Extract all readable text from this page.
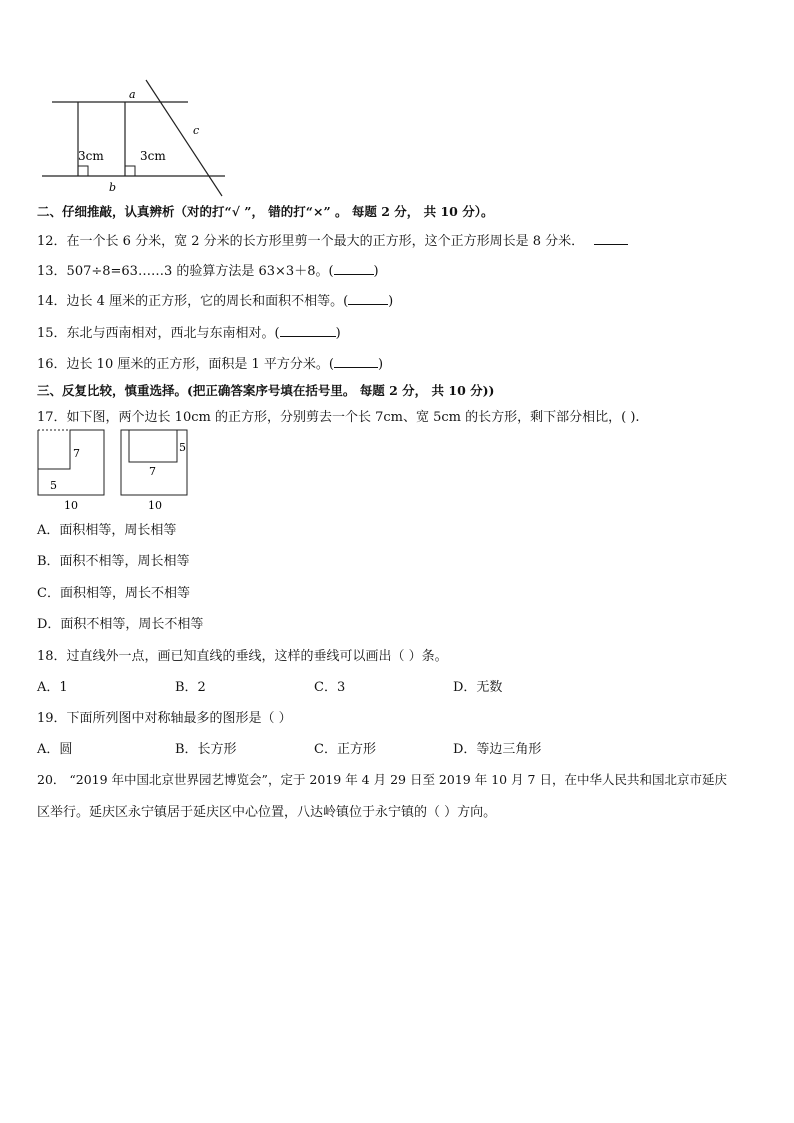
a
b
c
3cm	3cm
二、仔细推敲，认真辨析（对的打“√ ”， 错的打“×” 。 每题 2 分， 共 10 分）。
12．在一个长 6 分米，宽 2 分米的长方形里剪一个最大的正方形，这个正方形周长是 8 分米．
13．507÷8=63……3 的验算方法是 63×3＋8。(	)
14．边长 4 厘米的正方形，它的周长和面积不相等。(	)
15．东北与西南相对，西北与东南相对。(	)
16．边长 10 厘米的正方形，面积是 1 平方分米。(	)
三、反复比较，慎重选择。(把正确答案序号填在括号里。 每题 2 分， 共 10 分))
17．如下图，两个边长 10cm 的正方形，分别剪去一个长 7cm、宽 5cm 的长方形，剩下部分相比，( ).
7
5
10
5
7
10
A．面积相等，周长相等
B．面积不相等，周长相等
C．面积相等，周长不相等
D．面积不相等，周长不相等
18．过直线外一点，画已知直线的垂线，这样的垂线可以画出（ ）条。
A．1	B．2	C．3	D．无数
19．下面所列图中对称轴最多的图形是（ ）
A．圆	B．长方形	C．正方形	D．等边三角形
20． “2019 年中国北京世界园艺博览会”，定于 2019 年 4 月 29 日至 2019 年 10 月 7 日，在中华人民共和国北京市延庆
区举行。延庆区永宁镇居于延庆区中心位置，八达岭镇位于永宁镇的（ ）方向。
